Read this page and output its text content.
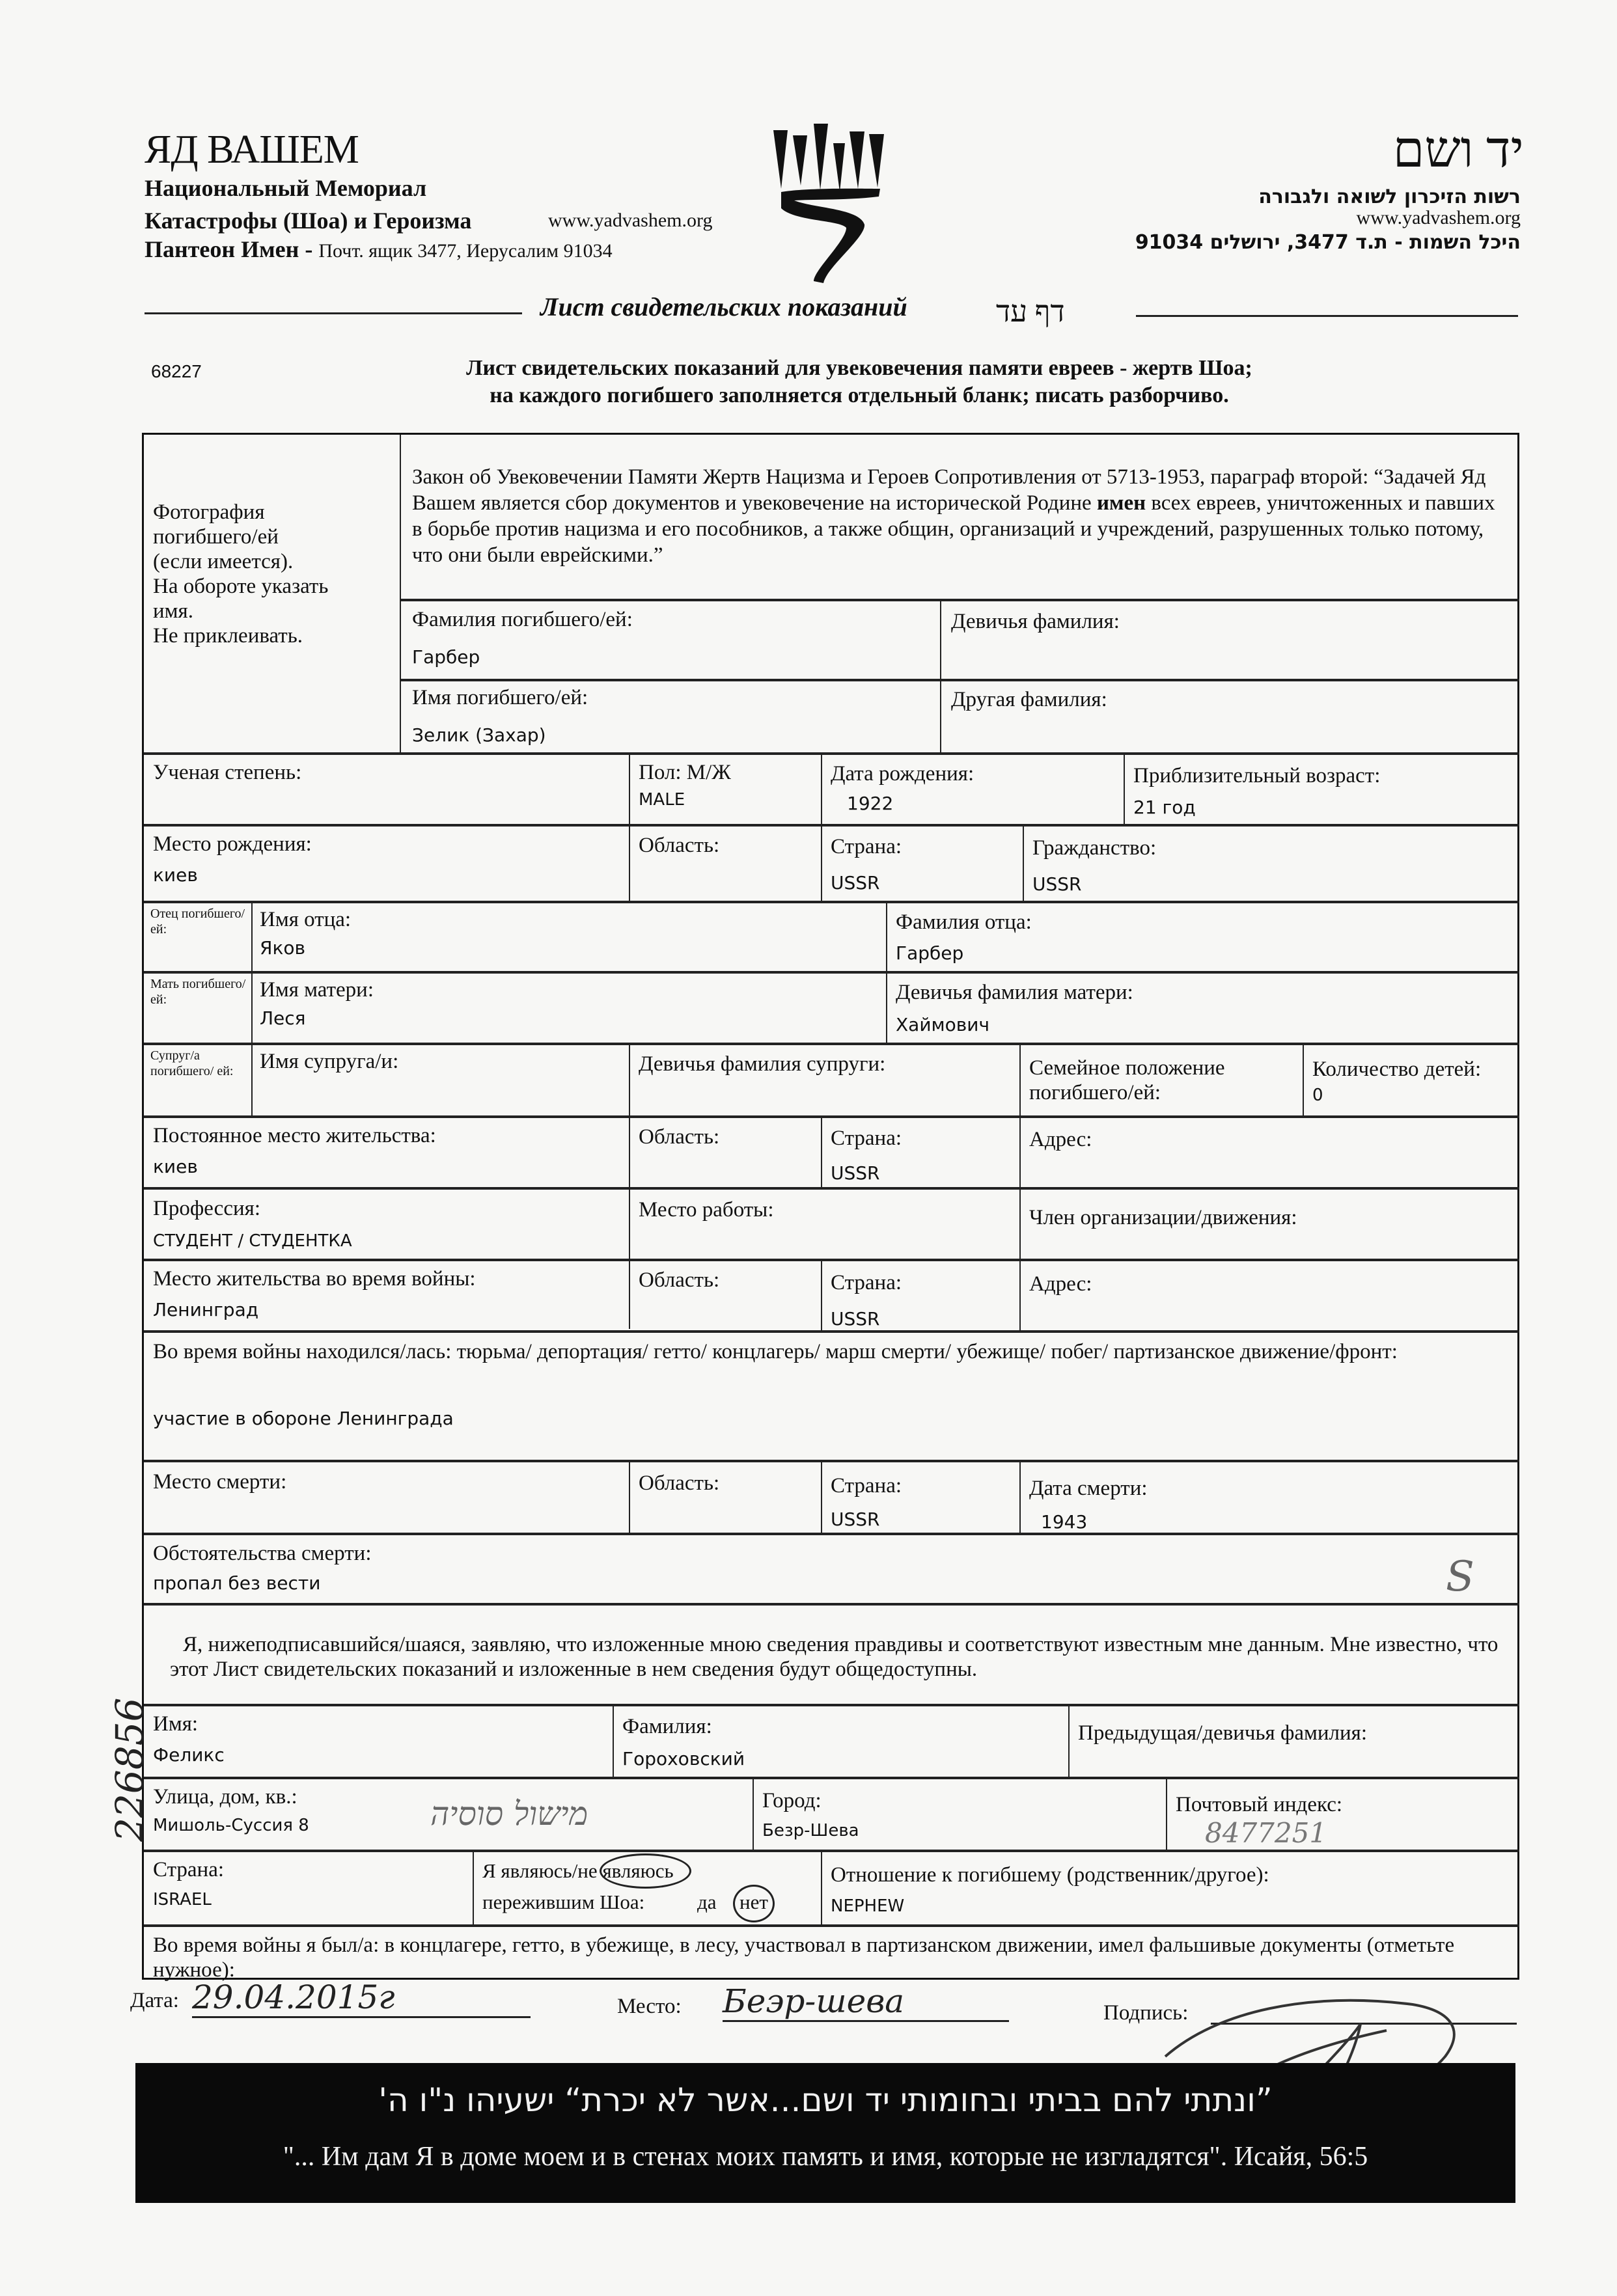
ЯД ВАШЕМ
Национальный Мемориал
Катастрофы (Шоа) и Героизма
Пантеон Имен - Почт. ящик 3477, Иерусалим 91034
www.yadvashem.org
יד ושם
רשות הזיכרון לשואה ולגבורה
www.yadvashem.org
היכל השמות - ת.ד 3477, ירושלים 91034
Лист свидетельских показаний	דף עד
68227	Лист свидетельских показаний для увековечения памяти евреев - жертв Шоа;
на каждого погибшего заполняется отдельный бланк; писать разборчиво.
Фотография
погибшего/ей
(если имеется).
На обороте указать
имя.
Не приклеивать.
Закон об Увековечении Памяти Жертв Нацизма и Героев Сопротивления от 5713-1953, параграф второй: “Задачей Яд Вашем является сбор документов и увековечение на исторической Родине имен всех евреев, уничтоженных и павших в борьбе против нацизма и его пособников, а также общин, организаций и учреждений, разрушенных только потому, что они были еврейскими.”
Фамилия погибшего/ей:
Гарбер
Девичья фамилия:
Имя погибшего/ей:
Зелик (Захар)
Другая фамилия:
Ученая степень:	Пол: М/Ж
MALE
Дата рождения:
1922
Приблизительный возраст:
21 год
Место рождения:
киев
Область:	Страна:
USSR
Гражданство:
USSR
Отец погибшего/ ей:	Имя отца:
Яков
Фамилия отца:
Гарбер
Мать погибшего/ ей:	Имя матери:
Леся
Девичья фамилия матери:
Хаймович
Супруг/а погибшего/ ей:	Имя супруга/и:	Девичья фамилия супруги:	Семейное положение погибшего/ей:
Количество детей:
0
Постоянное место жительства:
киев
Область:	Страна:
USSR
Адрес:
Профессия:
СТУДЕНТ / СТУДЕНТКА
Место работы:	Член организации/движения:
Место жительства во время войны:
Ленинград
Область:	Страна:
USSR
Адрес:
Во время войны находился/лась: тюрьма/ депортация/ гетто/ концлагерь/ марш смерти/ убежище/ побег/ партизанское движение/фронт:
участие в обороне Ленинграда
Место смерти:	Область:	Страна:
USSR
Дата смерти:
1943
Обстоятельства смерти:
пропал без вести	S
Я, нижеподписавшийся/шаяся, заявляю, что изложенные мною сведения правдивы и соответствуют известным мне данным. Мне известно, что этот Лист свидетельских показаний и изложенные в нем сведения будут общедоступны.
Имя:
Феликс
Фамилия:
Гороховский
Предыдущая/девичья фамилия:
Улица, дом, кв.:
Мишоль-Суссия 8	מישול סוסיה	Город:
Безр-Шева
Почтовый индекс:
8477251
Страна:
ISRAEL
Я являюсь/не являюсь
пережившим Шоа:	да нет
Отношение к погибшему (родственник/другое):
NEPHEW
Во время войны я был/а: в концлагере, гетто, в убежище, в лесу, участвовал в партизанском движении, имел фальшивые документы (отметьте нужное):
Дата: 29.04.2015г	Место: Беэр-шева	Подпись:
226856
”ונתתי להם בביתי ובחומותי יד ושם...אשר לא יכרת“ ישעיהו נ"ו ה'
"... Им дам Я в доме моем и в стенах моих память и имя, которые не изгладятся". Исайя, 56:5
